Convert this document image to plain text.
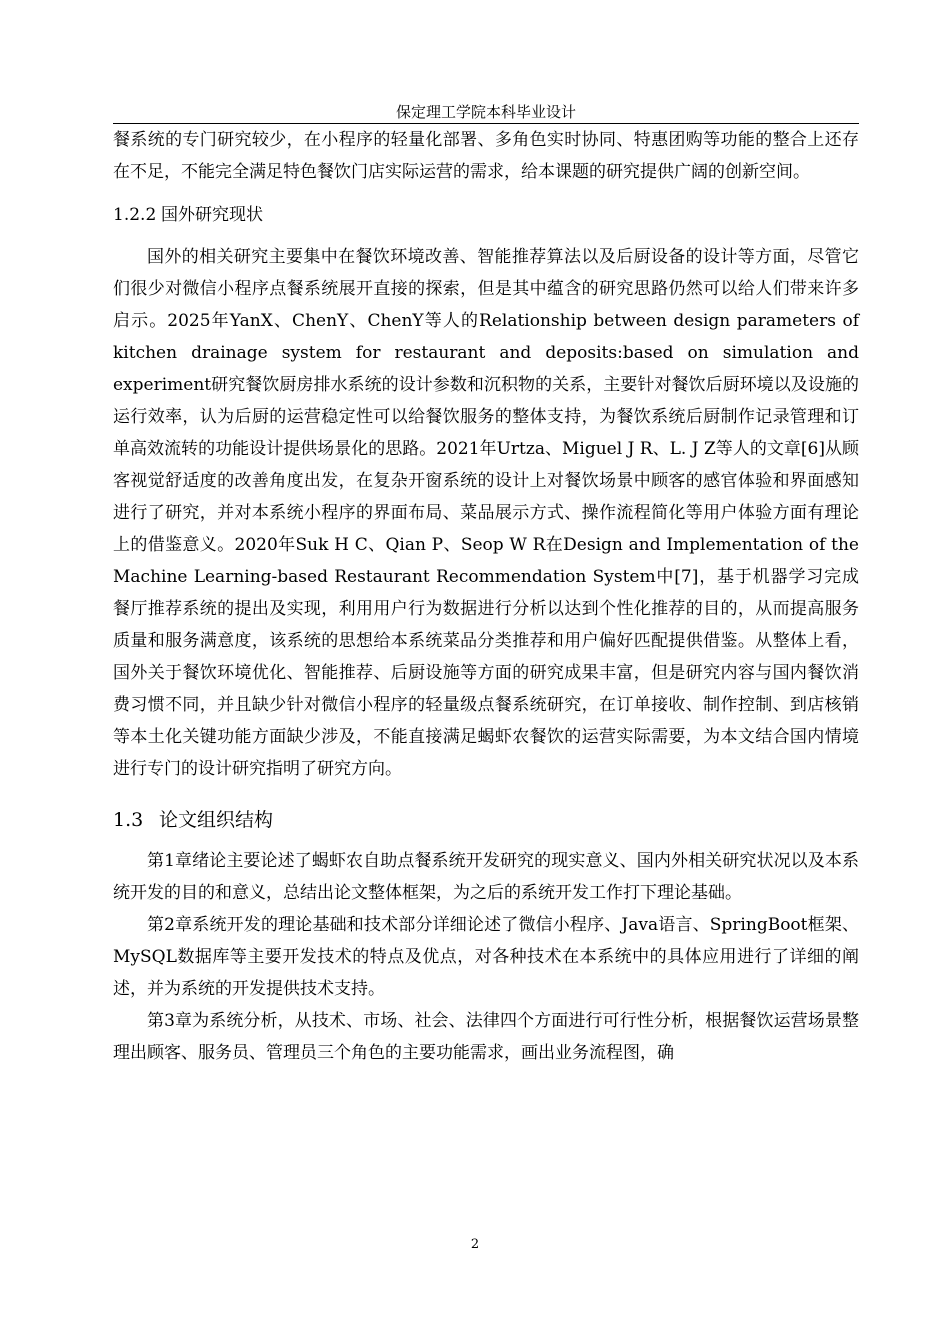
保定理工学院本科毕业设计

餐系统的专门研究较少，在小程序的轻量化部署、多角色实时协同、特惠团购等功能的整合上还存在不足，不能完全满足特色餐饮门店实际运营的需求，给本课题的研究提供广阔的创新空间。

1.2.2 国外研究现状

国外的相关研究主要集中在餐饮环境改善、智能推荐算法以及后厨设备的设计等方面，尽管它们很少对微信小程序点餐系统展开直接的探索，但是其中蕴含的研究思路仍然可以给人们带来许多启示。2025年YanX、ChenY、ChenY等人的Relationship between design parameters of kitchen drainage system for restaurant and deposits:based on simulation and experiment研究餐饮厨房排水系统的设计参数和沉积物的关系，主要针对餐饮后厨环境以及设施的运行效率，认为后厨的运营稳定性可以给餐饮服务的整体支持，为餐饮系统后厨制作记录管理和订单高效流转的功能设计提供场景化的思路。2021年Urtza、Miguel J R、L. J Z等人的文章[6]从顾客视觉舒适度的改善角度出发，在复杂开窗系统的设计上对餐饮场景中顾客的感官体验和界面感知进行了研究，并对本系统小程序的界面布局、菜品展示方式、操作流程简化等用户体验方面有理论上的借鉴意义。2020年Suk H C、Qian P、Seop W R在Design and Implementation of the Machine Learning-based Restaurant Recommendation System中[7]，基于机器学习完成餐厅推荐系统的提出及实现，利用用户行为数据进行分析以达到个性化推荐的目的，从而提高服务质量和服务满意度，该系统的思想给本系统菜品分类推荐和用户偏好匹配提供借鉴。从整体上看，国外关于餐饮环境优化、智能推荐、后厨设施等方面的研究成果丰富，但是研究内容与国内餐饮消费习惯不同，并且缺少针对微信小程序的轻量级点餐系统研究，在订单接收、制作控制、到店核销等本土化关键功能方面缺少涉及，不能直接满足蝎虾农餐饮的运营实际需要，为本文结合国内情境进行专门的设计研究指明了研究方向。

1.3 论文组织结构

第1章绪论主要论述了蝎虾农自助点餐系统开发研究的现实意义、国内外相关研究状况以及本系统开发的目的和意义，总结出论文整体框架，为之后的系统开发工作打下理论基础。

第2章系统开发的理论基础和技术部分详细论述了微信小程序、Java语言、SpringBoot框架、MySQL数据库等主要开发技术的特点及优点，对各种技术在本系统中的具体应用进行了详细的阐述，并为系统的开发提供技术支持。

第3章为系统分析，从技术、市场、社会、法律四个方面进行可行性分析，根据餐饮运营场景整理出顾客、服务员、管理员三个角色的主要功能需求，画出业务流程图，确

2
